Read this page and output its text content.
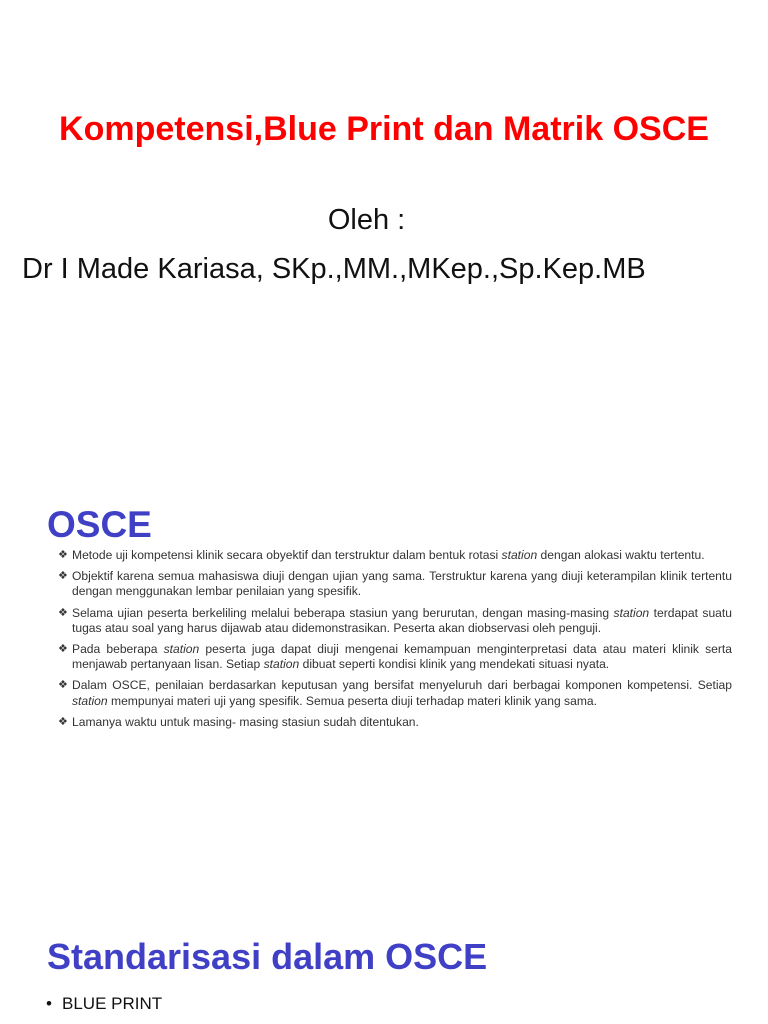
Kompetensi,Blue Print dan Matrik OSCE
Oleh :
Dr I Made Kariasa, SKp.,MM.,MKep.,Sp.Kep.MB
OSCE
❖ Metode uji kompetensi klinik secara obyektif dan terstruktur dalam bentuk rotasi station dengan alokasi waktu tertentu.
❖ Objektif karena semua mahasiswa diuji dengan ujian yang sama. Terstruktur karena yang diuji keterampilan klinik tertentu dengan menggunakan lembar penilaian yang spesifik.
❖ Selama ujian peserta berkeliling melalui beberapa stasiun yang berurutan, dengan masing-masing station terdapat suatu tugas atau soal yang harus dijawab atau didemonstrasikan. Peserta akan diobservasi oleh penguji.
❖ Pada beberapa station peserta juga dapat diuji mengenai kemampuan menginterpretasi data atau materi klinik serta menjawab pertanyaan lisan. Setiap station dibuat seperti kondisi klinik yang mendekati situasi nyata.
❖ Dalam OSCE, penilaian berdasarkan keputusan yang bersifat menyeluruh dari berbagai komponen kompetensi. Setiap station mempunyai materi uji yang spesifik. Semua peserta diuji terhadap materi klinik yang sama.
❖ Lamanya waktu untuk masing- masing stasiun sudah ditentukan.
Standarisasi dalam OSCE
• BLUE PRINT
